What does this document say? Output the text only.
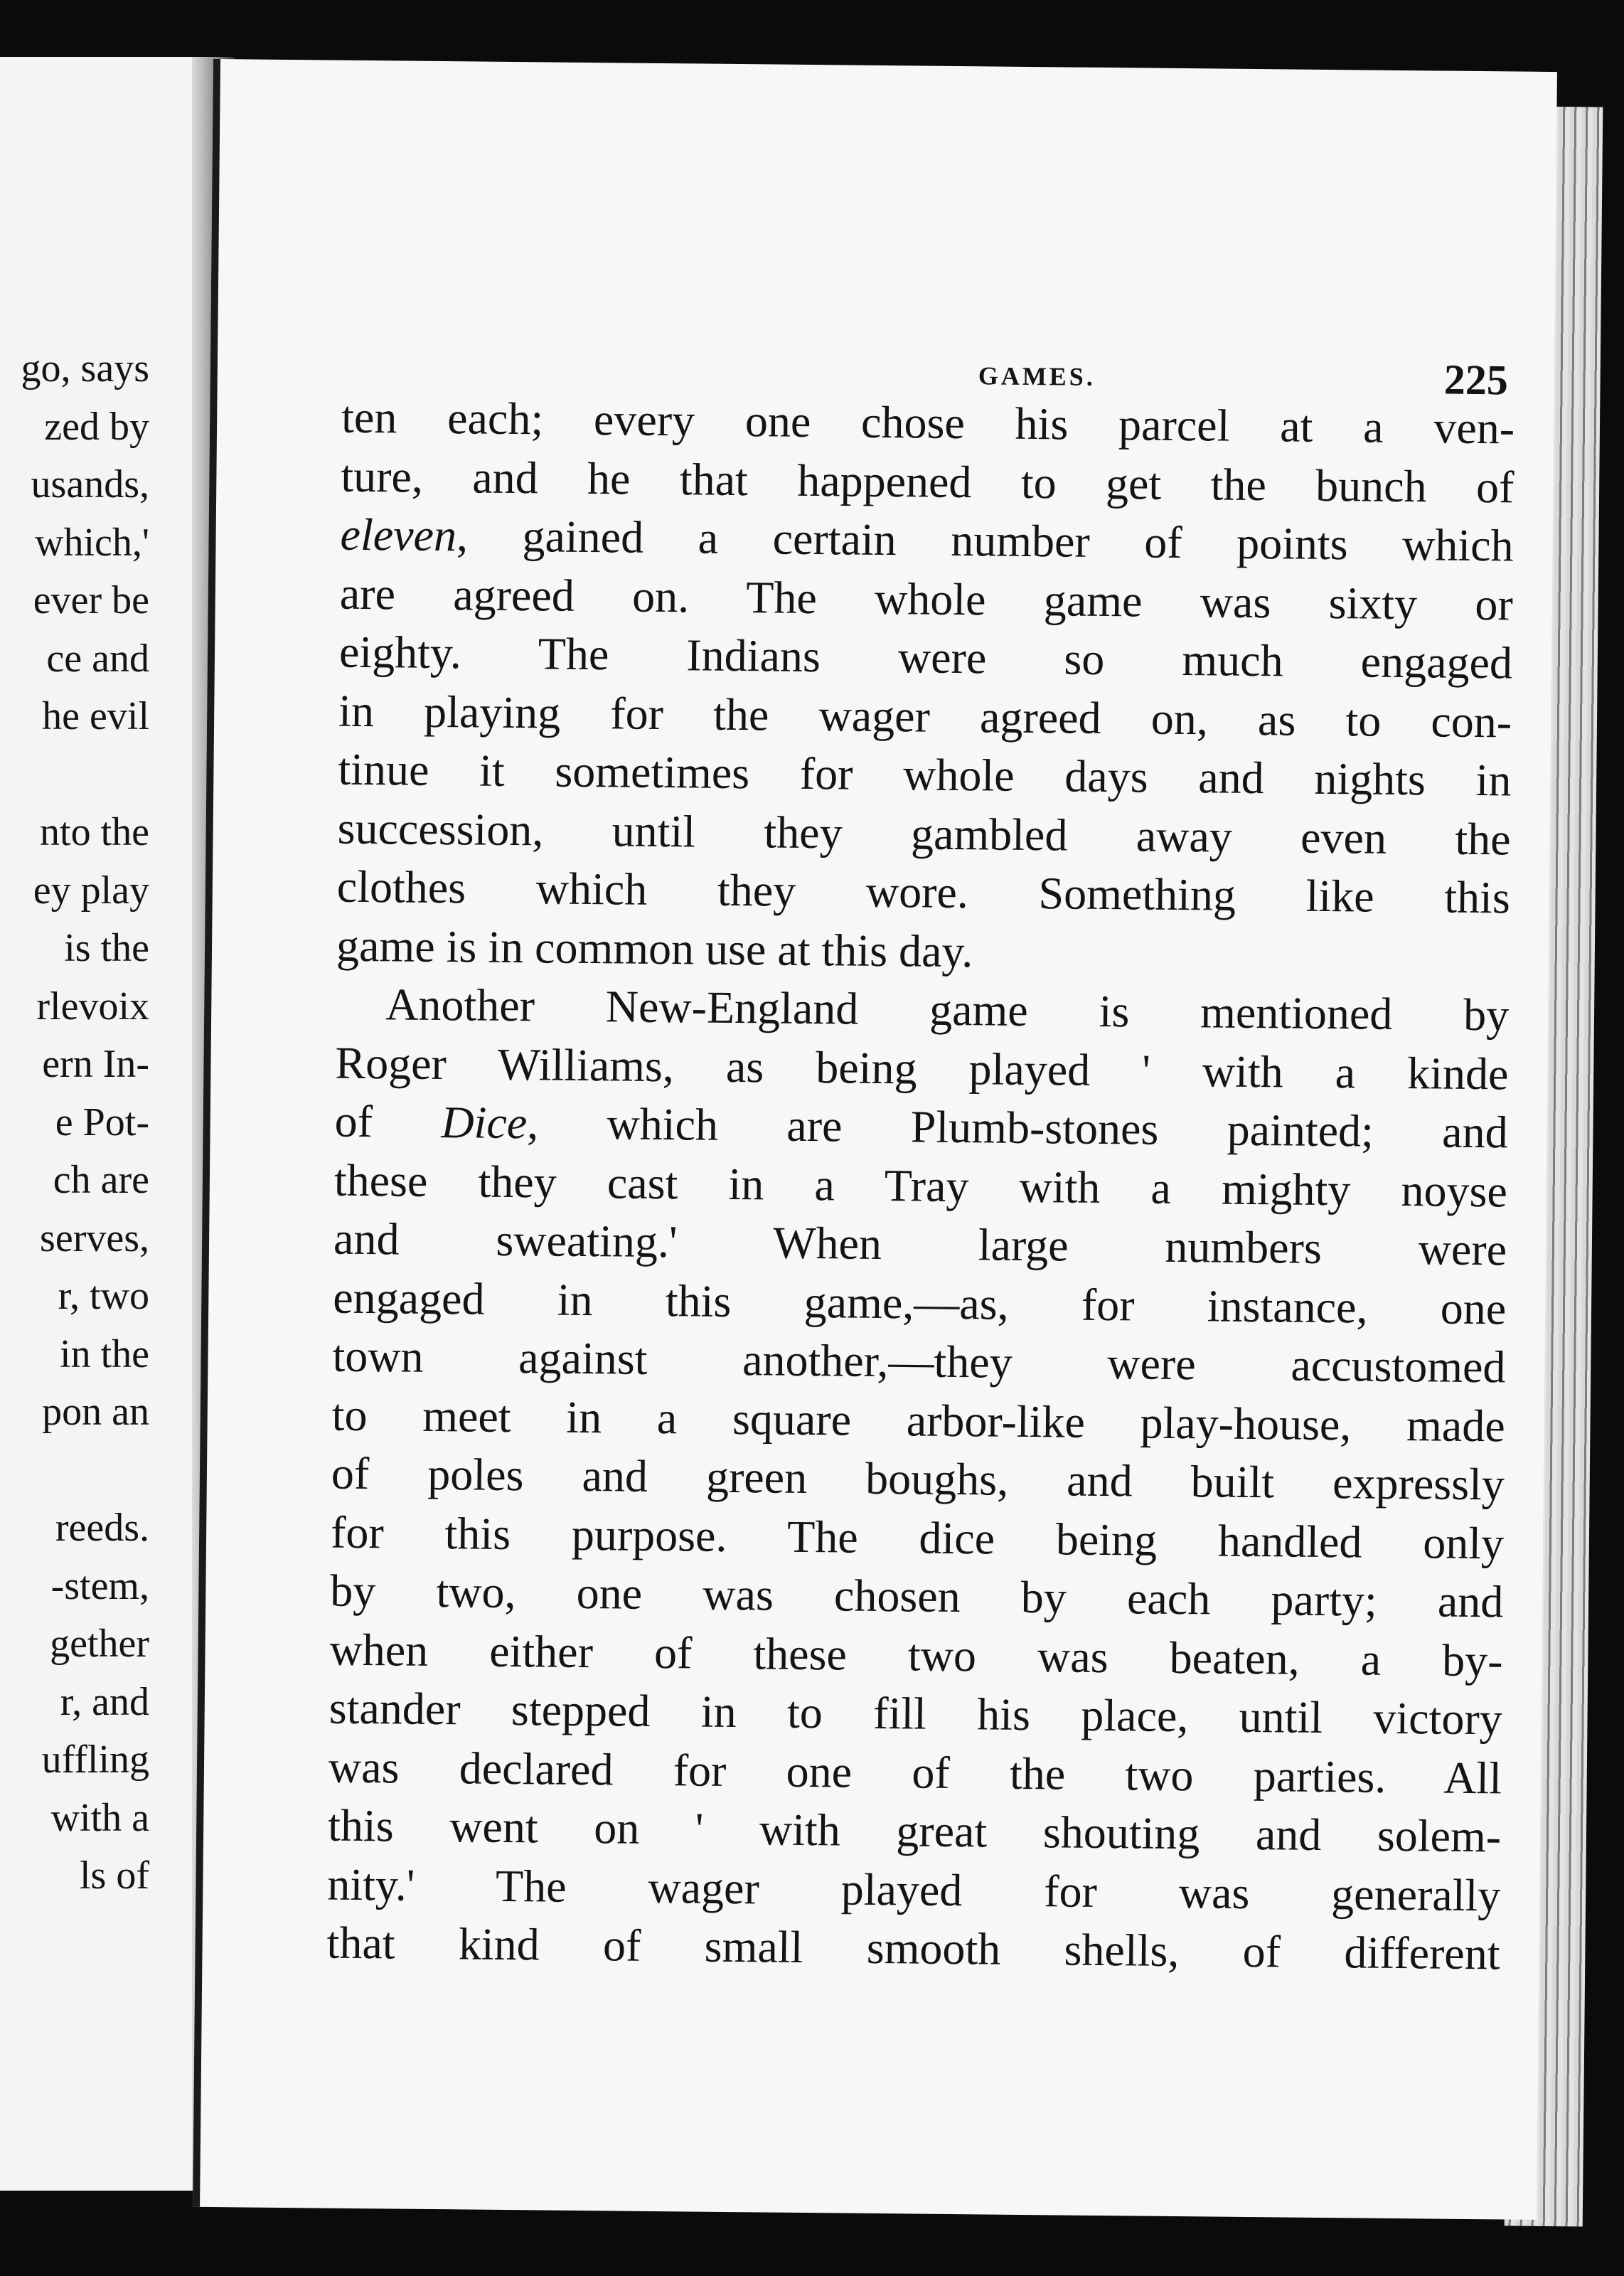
go, says
zed by
usands,
which,'
ever be
ce and
he evil
nto the
ey play
is the
rlevoix
ern In-
e Pot-
ch are
serves,
r, two
in the
pon an
reeds.
-stem,
gether
r, and
uffling
with a
ls of
GAMES.	225
ten each; every one chose his parcel at a ven-
ture, and he that happened to get the bunch of
eleven, gained a certain number of points which
are agreed on. The whole game was sixty or
eighty. The Indians were so much engaged
in playing for the wager agreed on, as to con-
tinue it sometimes for whole days and nights in
succession, until they gambled away even the
clothes which they wore. Something like this
game is in common use at this day.
Another New-England game is mentioned by
Roger Williams, as being played ' with a kinde
of Dice, which are Plumb-stones painted; and
these they cast in a Tray with a mighty noyse
and sweating.' When large numbers were
engaged in this game,—as, for instance, one
town against another,—they were accustomed
to meet in a square arbor-like play-house, made
of poles and green boughs, and built expressly
for this purpose. The dice being handled only
by two, one was chosen by each party; and
when either of these two was beaten, a by-
stander stepped in to fill his place, until victory
was declared for one of the two parties. All
this went on ' with great shouting and solem-
nity.' The wager played for was generally
that kind of small smooth shells, of different
